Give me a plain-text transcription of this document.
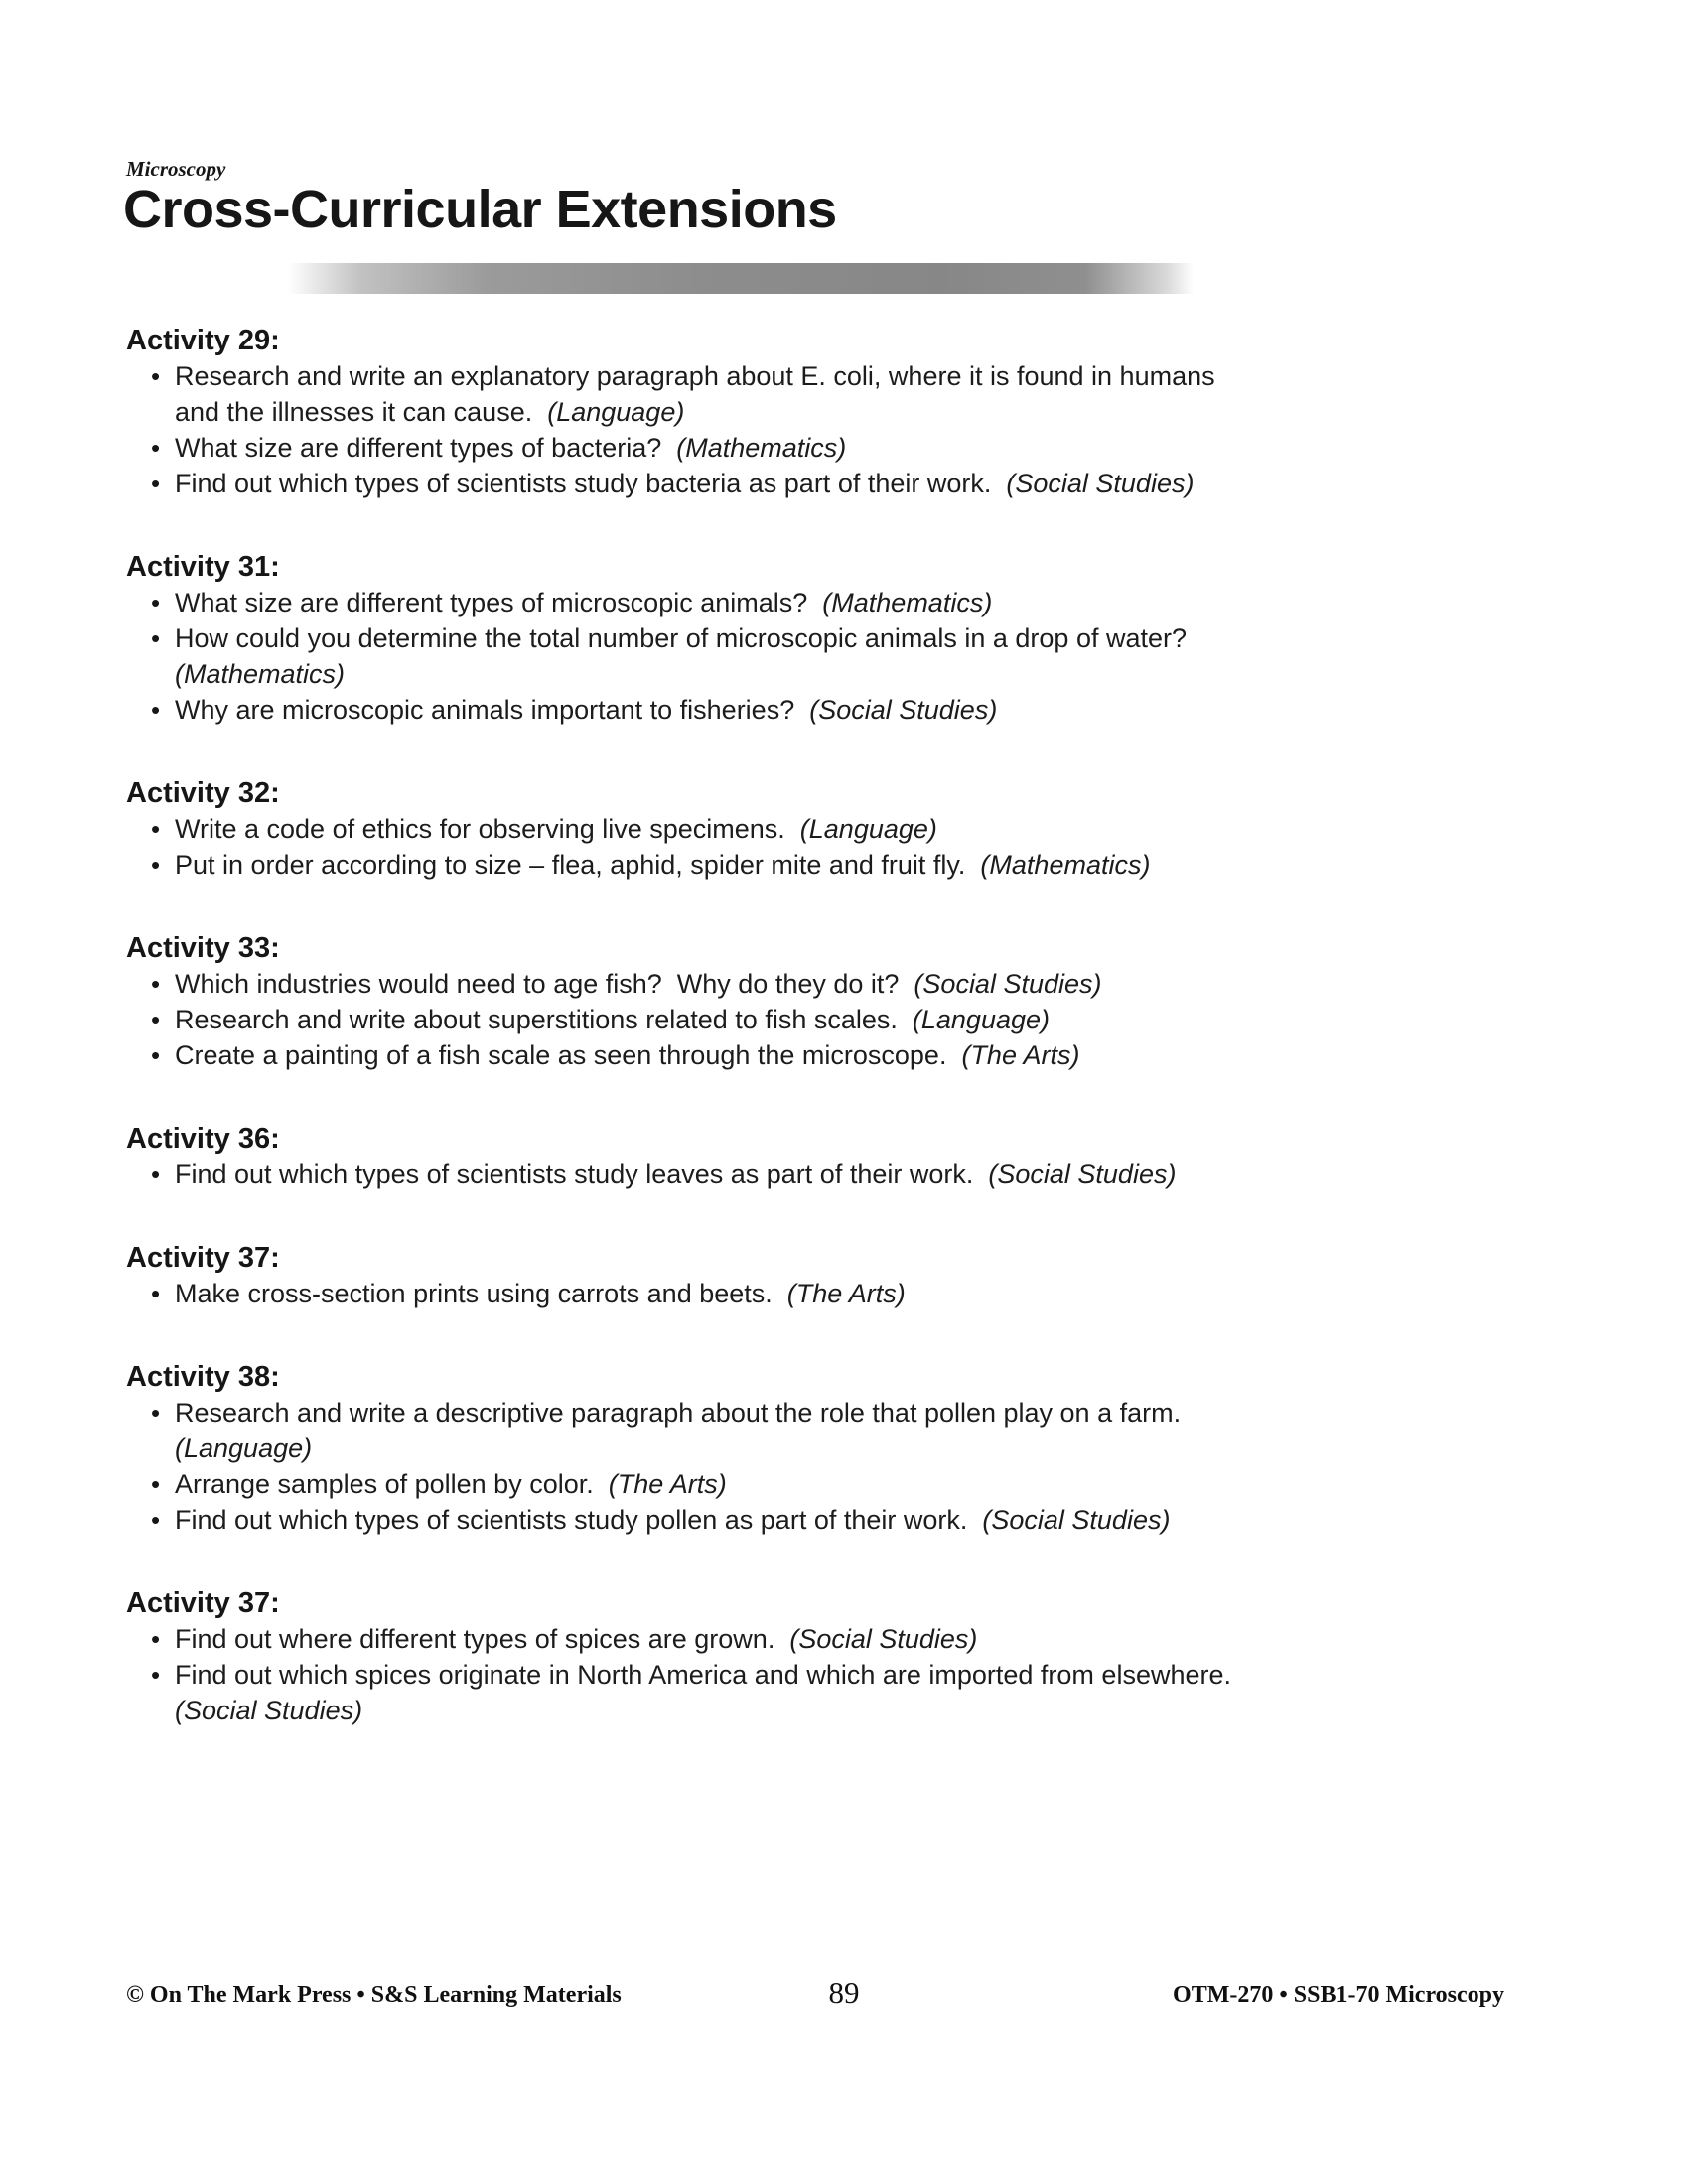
Microscopy
Cross-Curricular Extensions
Activity 29:
• Research and write an explanatory paragraph about E. coli, where it is found in humans
and the illnesses it can cause.  (Language)
• What size are different types of bacteria?  (Mathematics)
• Find out which types of scientists study bacteria as part of their work.  (Social Studies)
Activity 31:
• What size are different types of microscopic animals?  (Mathematics)
• How could you determine the total number of microscopic animals in a drop of water?
(Mathematics)
• Why are microscopic animals important to fisheries?  (Social Studies)
Activity 32:
• Write a code of ethics for observing live specimens.  (Language)
• Put in order according to size – flea, aphid, spider mite and fruit fly.  (Mathematics)
Activity 33:
• Which industries would need to age fish?  Why do they do it?  (Social Studies)
• Research and write about superstitions related to fish scales.  (Language)
• Create a painting of a fish scale as seen through the microscope.  (The Arts)
Activity 36:
• Find out which types of scientists study leaves as part of their work.  (Social Studies)
Activity 37:
• Make cross-section prints using carrots and beets.  (The Arts)
Activity 38:
• Research and write a descriptive paragraph about the role that pollen play on a farm.
(Language)
• Arrange samples of pollen by color.  (The Arts)
• Find out which types of scientists study pollen as part of their work.  (Social Studies)
Activity 37:
• Find out where different types of spices are grown.  (Social Studies)
• Find out which spices originate in North America and which are imported from elsewhere.
(Social Studies)
© On The Mark Press • S&S Learning Materials	89	OTM-270 • SSB1-70 Microscopy
